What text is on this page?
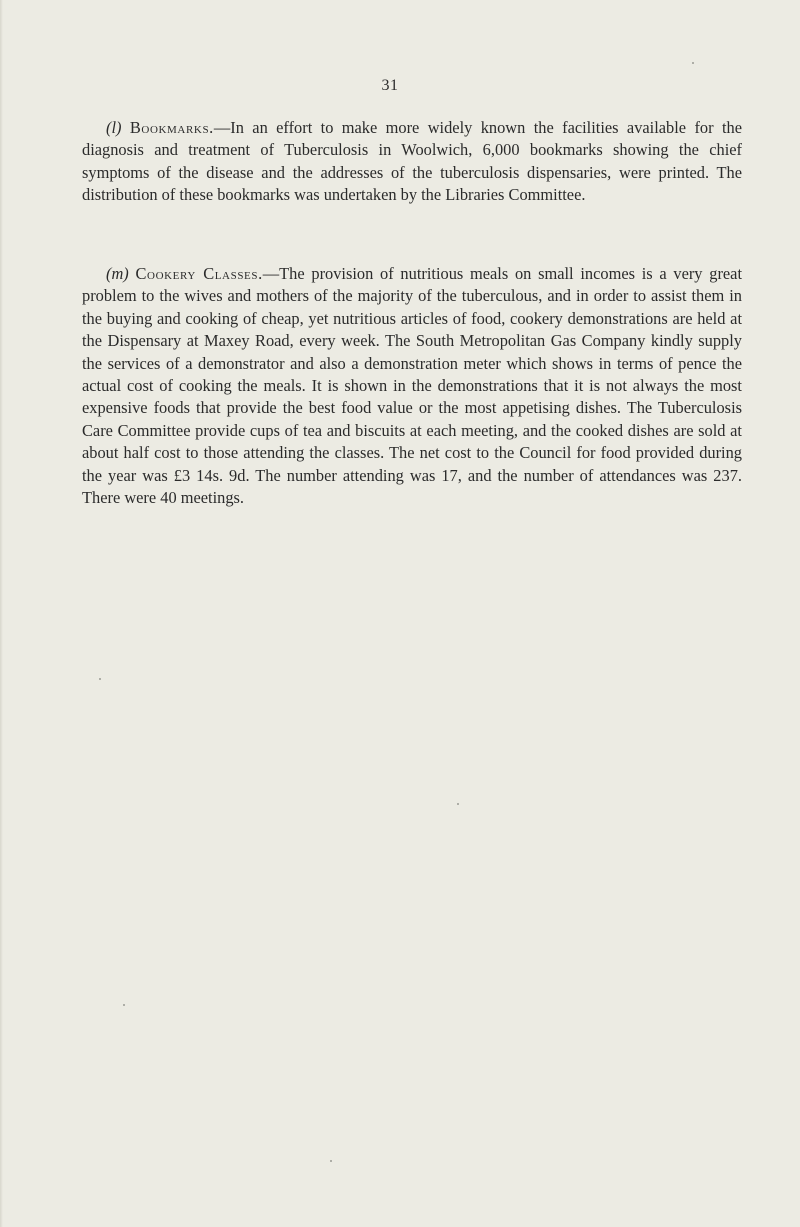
31

(l) Bookmarks.—In an effort to make more widely known the facilities available for the diagnosis and treatment of Tuberculosis in Woolwich, 6,000 bookmarks showing the chief symptoms of the disease and the addresses of the tuberculosis dispensaries, were printed. The distribution of these bookmarks was undertaken by the Libraries Committee.

(m) Cookery Classes.—The provision of nutritious meals on small incomes is a very great problem to the wives and mothers of the majority of the tuberculous, and in order to assist them in the buying and cooking of cheap, yet nutritious articles of food, cookery demonstrations are held at the Dispensary at Maxey Road, every week. The South Metropolitan Gas Company kindly supply the services of a demonstrator and also a demonstration meter which shows in terms of pence the actual cost of cooking the meals. It is shown in the demonstrations that it is not always the most expensive foods that provide the best food value or the most appetising dishes. The Tuberculosis Care Committee provide cups of tea and biscuits at each meeting, and the cooked dishes are sold at about half cost to those attending the classes. The net cost to the Council for food provided during the year was £3 14s. 9d. The number attending was 17, and the number of attendances was 237. There were 40 meetings.
